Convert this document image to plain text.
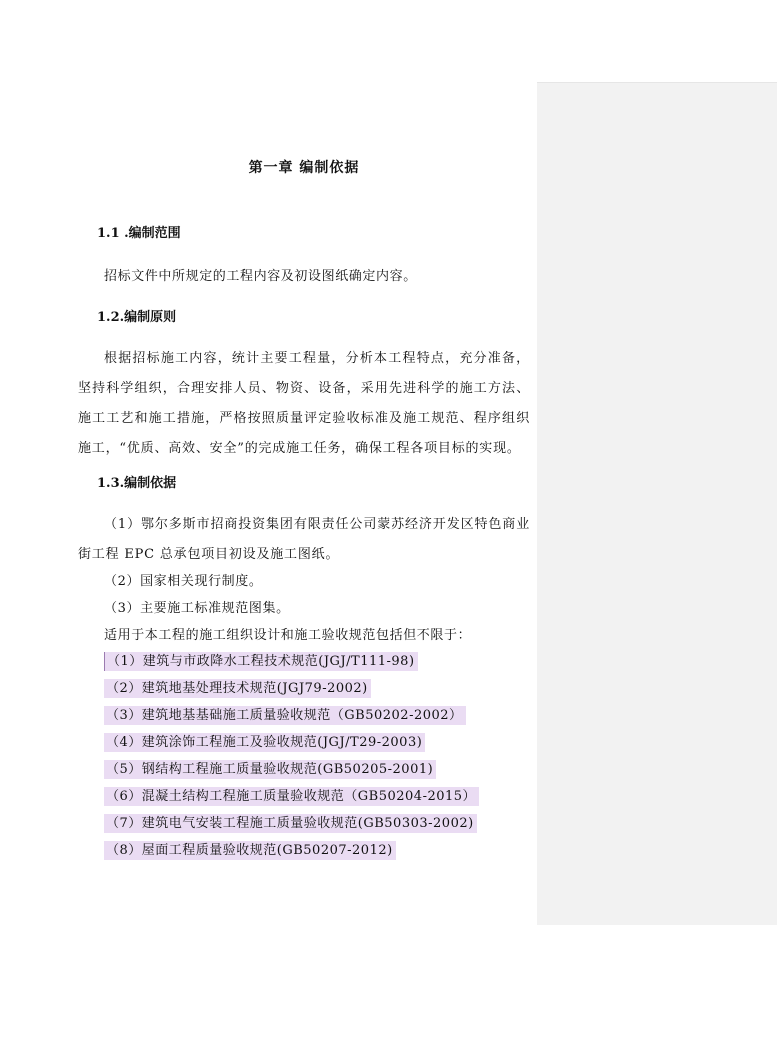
第一章 编制依据
1.1 .编制范围
招标文件中所规定的工程内容及初设图纸确定内容。
1.2.编制原则
根据招标施工内容，统计主要工程量，分析本工程特点，充分准备，坚持科学组织，合理安排人员、物资、设备，采用先进科学的施工方法、施工工艺和施工措施，严格按照质量评定验收标准及施工规范、程序组织施工，“优质、高效、安全”的完成施工任务，确保工程各项目标的实现。
1.3.编制依据
（1）鄂尔多斯市招商投资集团有限责任公司蒙苏经济开发区特色商业街工程 EPC 总承包项目初设及施工图纸。
（2）国家相关现行制度。
（3）主要施工标准规范图集。
适用于本工程的施工组织设计和施工验收规范包括但不限于：
（1）建筑与市政降水工程技术规范(JGJ/T111-98)
（2）建筑地基处理技术规范(JGJ79-2002)
（3）建筑地基基础施工质量验收规范（GB50202-2002）
（4）建筑涂饰工程施工及验收规范(JGJ/T29-2003)
（5）钢结构工程施工质量验收规范(GB50205-2001)
（6）混凝土结构工程施工质量验收规范（GB50204-2015）
（7）建筑电气安装工程施工质量验收规范(GB50303-2002)
（8）屋面工程质量验收规范(GB50207-2012)
